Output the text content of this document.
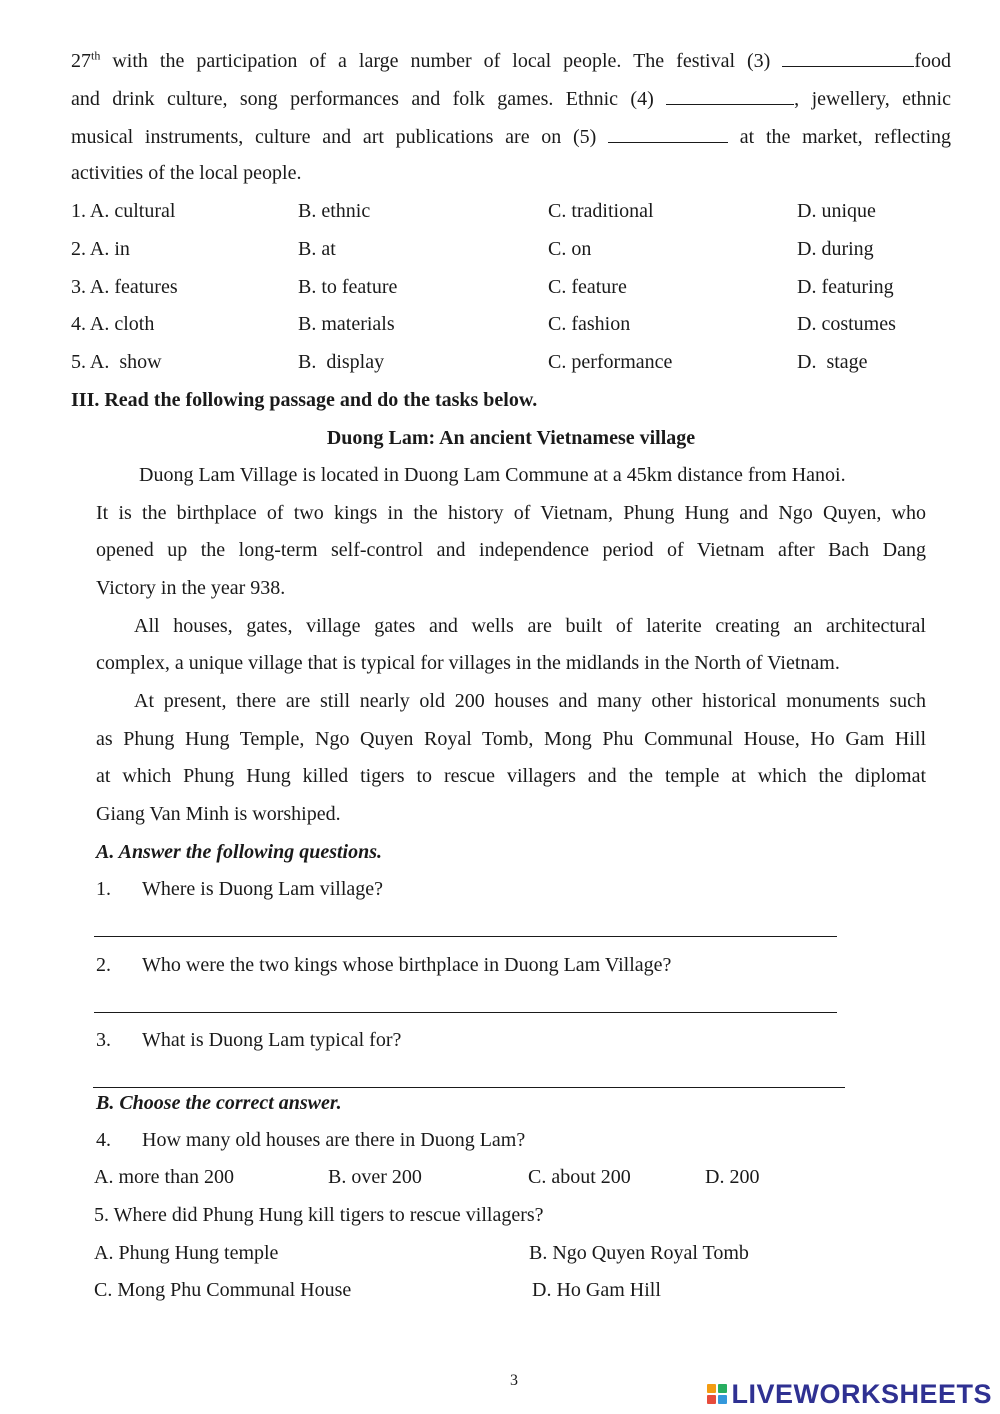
27th with the participation of a large number of local people. The festival (3)	food
and drink culture, song performances and folk games. Ethnic (4)	, jewellery, ethnic
musical instruments, culture and art publications are on (5)	at the market, reflecting
activities of the local people.
1. A. cultural	B. ethnic	C. traditional	D. unique
2. A. in	B. at	C. on	D. during
3. A. features	B. to feature	C. feature	D. featuring
4. A. cloth	B. materials	C. fashion	D. costumes
5. A.  show	B.  display	C. performance	D.  stage
III. Read the following passage and do the tasks below.
Duong Lam: An ancient Vietnamese village
Duong Lam Village is located in Duong Lam Commune at a 45km distance from Hanoi.
It is the birthplace of two kings in the history of Vietnam, Phung Hung and Ngo Quyen, who
opened up the long-term self-control and independence period of Vietnam after Bach Dang
Victory in the year 938.
All houses, gates, village gates and wells are built of laterite creating an architectural
complex, a unique village that is typical for villages in the midlands in the North of Vietnam.
At present, there are still nearly old 200 houses and many other historical monuments such
as Phung Hung Temple, Ngo Quyen Royal Tomb, Mong Phu Communal House, Ho Gam Hill
at which Phung Hung killed tigers to rescue villagers and the temple at which the diplomat
Giang Van Minh is worshiped.
A. Answer the following questions.
1. Where is Duong Lam village?
2. Who were the two kings whose birthplace in Duong Lam Village?
3. What is Duong Lam typical for?
B. Choose the correct answer.
4. How many old houses are there in Duong Lam?
A. more than 200	B. over 200	C. about 200	D. 200
5. Where did Phung Hung kill tigers to rescue villagers?
A. Phung Hung temple	B. Ngo Quyen Royal Tomb
C. Mong Phu Communal House	D. Ho Gam Hill
3	LIVEWORKSHEETS
